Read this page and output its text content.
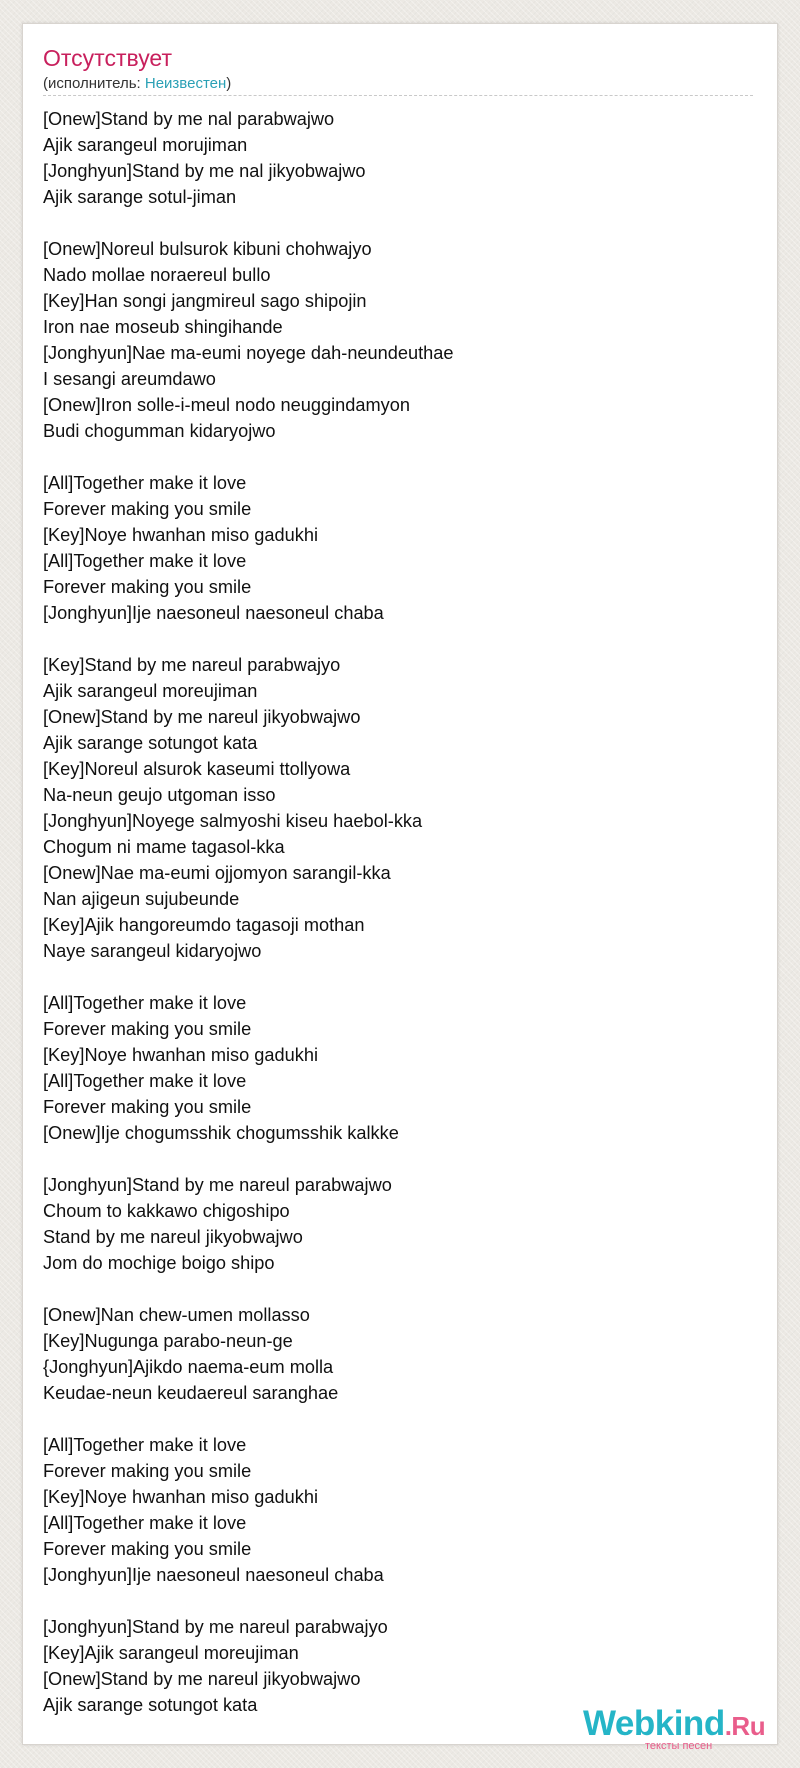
Отсутствует
(исполнитель: Неизвестен)
[Onew]Stand by me nal parabwajwo
Ajik sarangeul morujiman
[Jonghyun]Stand by me nal jikyobwajwo
Ajik sarange sotul-jiman

[Onew]Noreul bulsurok kibuni chohwajyo
Nado mollae noraereul bullo
[Key]Han songi jangmireul sago shipojin
Iron nae moseub shingihande
[Jonghyun]Nae ma-eumi noyege dah-neundeuthae
I sesangi areumdawo
[Onew]Iron solle-i-meul nodo neuggindamyon
Budi chogumman kidaryojwo

[All]Together make it love
Forever making you smile
[Key]Noye hwanhan miso gadukhi
[All]Together make it love
Forever making you smile
[Jonghyun]Ije naesoneul naesoneul chaba

[Key]Stand by me nareul parabwajyo
Ajik sarangeul moreujiman
[Onew]Stand by me nareul jikyobwajwo
Ajik sarange sotungot kata
[Key]Noreul alsurok kaseumi ttollyowa
Na-neun geujo utgoman isso
[Jonghyun]Noyege salmyoshi kiseu haebol-kka
Chogum ni mame tagasol-kka
[Onew]Nae ma-eumi ojjomyon sarangil-kka
Nan ajigeun sujubeunde
[Key]Ajik hangoreumdo tagasoji mothan
Naye sarangeul kidaryojwo

[All]Together make it love
Forever making you smile
[Key]Noye hwanhan miso gadukhi
[All]Together make it love
Forever making you smile
[Onew]Ije chogumsshik chogumsshik kalkke

[Jonghyun]Stand by me nareul parabwajwo
Choum to kakkawo chigoshipo
Stand by me nareul jikyobwajwo
Jom do mochige boigo shipo

[Onew]Nan chew-umen mollasso
[Key]Nugunga parabo-neun-ge
{Jonghyun]Ajikdo naema-eum molla
Keudae-neun keudaereul saranghae

[All]Together make it love
Forever making you smile
[Key]Noye hwanhan miso gadukhi
[All]Together make it love
Forever making you smile
[Jonghyun]Ije naesoneul naesoneul chaba

[Jonghyun]Stand by me nareul parabwajyo
[Key]Ajik sarangeul moreujiman
[Onew]Stand by me nareul jikyobwajwo
Ajik sarange sotungot kata	Webkind.Ru
тексты песен
